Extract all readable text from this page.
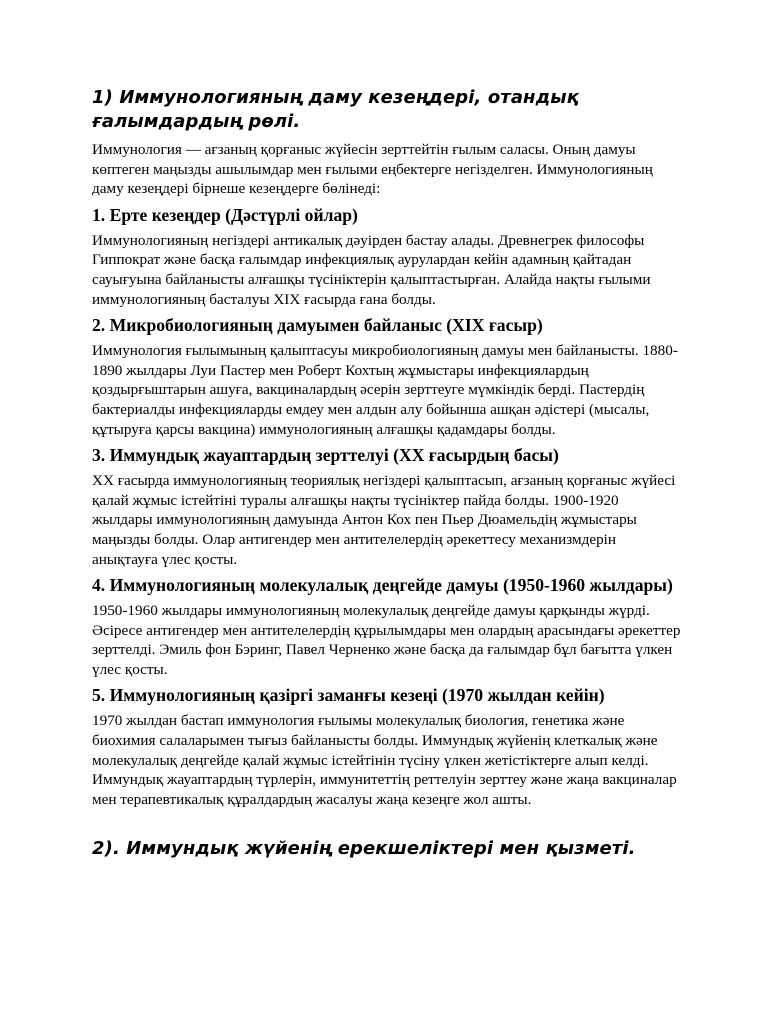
1) Иммунологияның даму кезеңдері, отандық ғалымдардың рөлі.
Иммунология — ағзаның қорғаныс жүйесін зерттейтін ғылым саласы. Оның дамуы көптеген маңызды ашылымдар мен ғылыми еңбектерге негізделген. Иммунологияның даму кезеңдері бірнеше кезеңдерге бөлінеді:
1. Ерте кезеңдер (Дәстүрлі ойлар)
Иммунологияның негіздері антикалық дәуірден бастау алады. Древнегрек философы Гиппократ және басқа ғалымдар инфекциялық аурулардан кейін адамның қайтадан сауығуына байланысты алғашқы түсініктерін қалыптастырған. Алайда нақты ғылыми иммунологияның басталуы XIX ғасырда ғана болды.
2. Микробиологияның дамуымен байланыс (XIX ғасыр)
Иммунология ғылымының қалыптасуы микробиологияның дамуы мен байланысты. 1880-1890 жылдары Луи Пастер мен Роберт Кохтың жұмыстары инфекциялардың қоздырғыштарын ашуға, вакциналардың әсерін зерттеуге мүмкіндік берді. Пастердің бактериалды инфекцияларды емдеу мен алдын алу бойынша ашқан әдістері (мысалы, құтыруға қарсы вакцина) иммунологияның алғашқы қадамдары болды.
3. Иммундық жауаптардың зерттелуі (XX ғасырдың басы)
XX ғасырда иммунологияның теориялық негіздері қалыптасып, ағзаның қорғаныс жүйесі қалай жұмыс істейтіні туралы алғашқы нақты түсініктер пайда болды. 1900-1920 жылдары иммунологияның дамуында Антон Кох пен Пьер Дюамельдің жұмыстары маңызды болды. Олар антигендер мен антителелердің әрекеттесу механизмдерін анықтауға үлес қосты.
4. Иммунологияның молекулалық деңгейде дамуы (1950-1960 жылдары)
1950-1960 жылдары иммунологияның молекулалық деңгейде дамуы қарқынды жүрді. Әсіресе антигендер мен антителелердің құрылымдары мен олардың арасындағы әрекеттер зерттелді. Эмиль фон Бэринг, Павел Черненко және басқа да ғалымдар бұл бағытта үлкен үлес қосты.
5. Иммунологияның қазіргі заманғы кезеңі (1970 жылдан кейін)
1970 жылдан бастап иммунология ғылымы молекулалық биология, генетика және биохимия салаларымен тығыз байланысты болды. Иммундық жүйенің клеткалық және молекулалық деңгейде қалай жұмыс істейтінін түсіну үлкен жетістіктерге алып келді. Иммундық жауаптардың түрлерін, иммунитеттің реттелуін зерттеу және жаңа вакциналар мен терапевтикалық құралдардың жасалуы жаңа кезеңге жол ашты.
2). Иммундық жүйенің ерекшеліктері мен қызметі.
